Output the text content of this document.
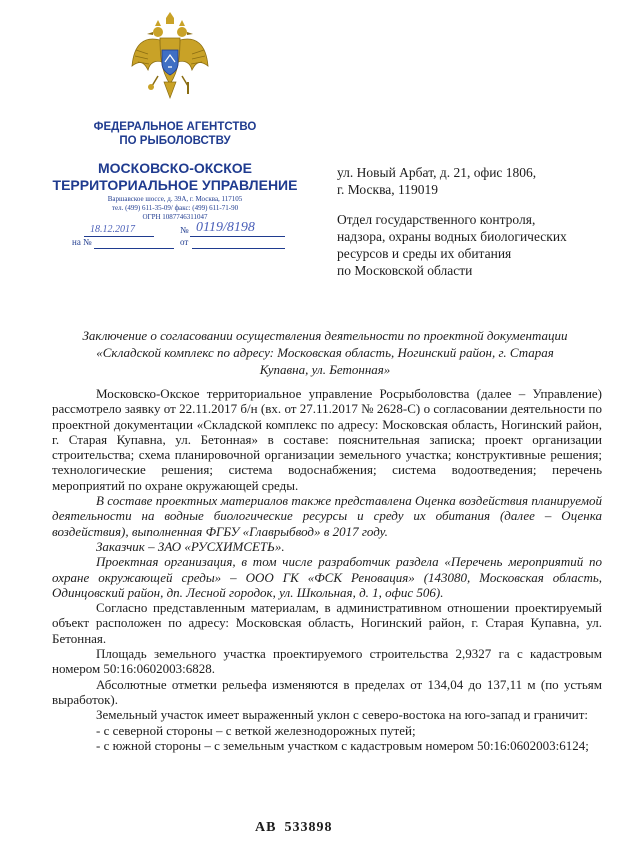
ФЕДЕРАЛЬНОЕ АГЕНТСТВО
ПО РЫБОЛОВСТВУ
МОСКОВСКО-ОКСКОЕ
ТЕРРИТОРИАЛЬНОЕ УПРАВЛЕНИЕ
Варшавское шоссе, д. 39А, г. Москва, 117105
тел. (499) 611-35-09/ факс: (499) 611-71-90
ОГРН 1087746311047
18.12.2017	№ 0119/8198
на №	от
ул. Новый Арбат, д. 21, офис 1806,
г. Москва, 119019
Отдел государственного контроля,
надзора, охраны водных биологических
ресурсов и среды их обитания
по Московской области
Заключение о согласовании осуществления деятельности по проектной документации
«Складской комплекс по адресу: Московская область, Ногинский район, г. Старая
Купавна, ул. Бетонная»

Московско-Окское территориальное управление Росрыболовства (далее – Управление) рассмотрело заявку от 22.11.2017 б/н (вх. от 27.11.2017 № 2628-С) о согласовании деятельности по проектной документации «Складской комплекс по адресу: Московская область, Ногинский район, г. Старая Купавна, ул. Бетонная» в составе: пояснительная записка; проект организации строительства; схема планировочной организации земельного участка; конструктивные решения; технологические решения; система водоснабжения; система водоотведения; перечень мероприятий по охране окружающей среды.

В составе проектных материалов также представлена Оценка воздействия планируемой деятельности на водные биологические ресурсы и среду их обитания (далее – Оценка воздействия), выполненная ФГБУ «Главрыбвод» в 2017 году.

Заказчик – ЗАО «РУСХИМСЕТЬ».

Проектная организация, в том числе разработчик раздела «Перечень мероприятий по охране окружающей среды» – ООО ГК «ФСК Реновация» (143080, Московская область, Одинцовский район, дп. Лесной городок, ул. Школьная, д. 1, офис 506).

Согласно представленным материалам, в административном отношении проектируемый объект расположен по адресу: Московская область, Ногинский район, г. Старая Купавна, ул. Бетонная.

Площадь земельного участка проектируемого строительства 2,9327 га с кадастровым номером 50:16:0602003:6828.

Абсолютные отметки рельефа изменяются в пределах от 134,04 до 137,11 м (по устьям выработок).

Земельный участок имеет выраженный уклон с северо-востока на юго-запад и граничит:

- с северной стороны – с веткой железнодорожных путей;

- с южной стороны – с земельным участком с кадастровым номером 50:16:0602003:6124;

АВ 533898
